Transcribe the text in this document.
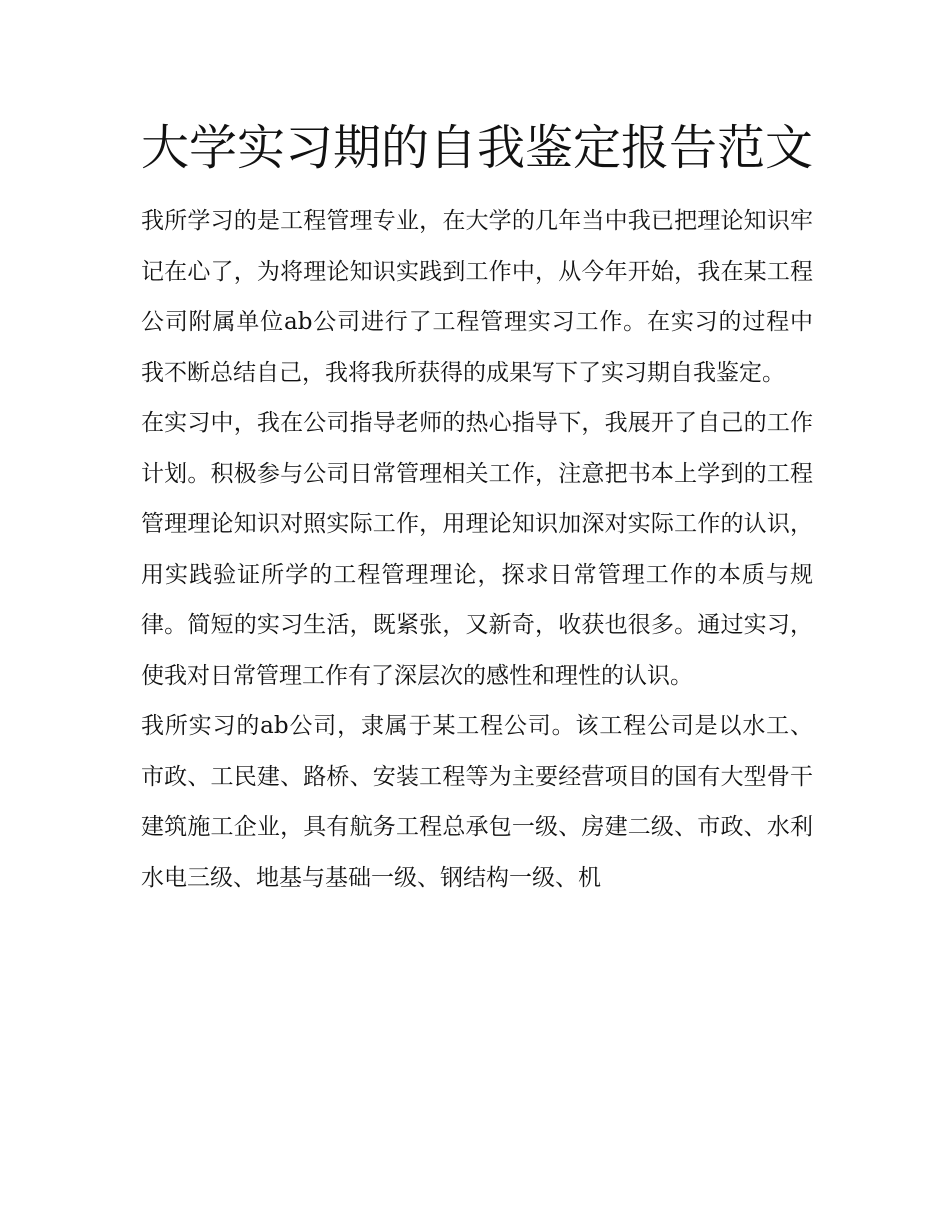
大学实习期的自我鉴定报告范文

我所学习的是工程管理专业，在大学的几年当中我已把理论知识牢记在心了，为将理论知识实践到工作中，从今年开始，我在某工程公司附属单位ab公司进行了工程管理实习工作。在实习的过程中我不断总结自己，我将我所获得的成果写下了实习期自我鉴定。

在实习中，我在公司指导老师的热心指导下，我展开了自己的工作计划。积极参与公司日常管理相关工作，注意把书本上学到的工程管理理论知识对照实际工作，用理论知识加深对实际工作的认识，用实践验证所学的工程管理理论，探求日常管理工作的本质与规律。简短的实习生活，既紧张，又新奇，收获也很多。通过实习，使我对日常管理工作有了深层次的感性和理性的认识。

我所实习的ab公司，隶属于某工程公司。该工程公司是以水工、市政、工民建、路桥、安装工程等为主要经营项目的国有大型骨干建筑施工企业，具有航务工程总承包一级、房建二级、市政、水利水电三级、地基与基础一级、钢结构一级、机
